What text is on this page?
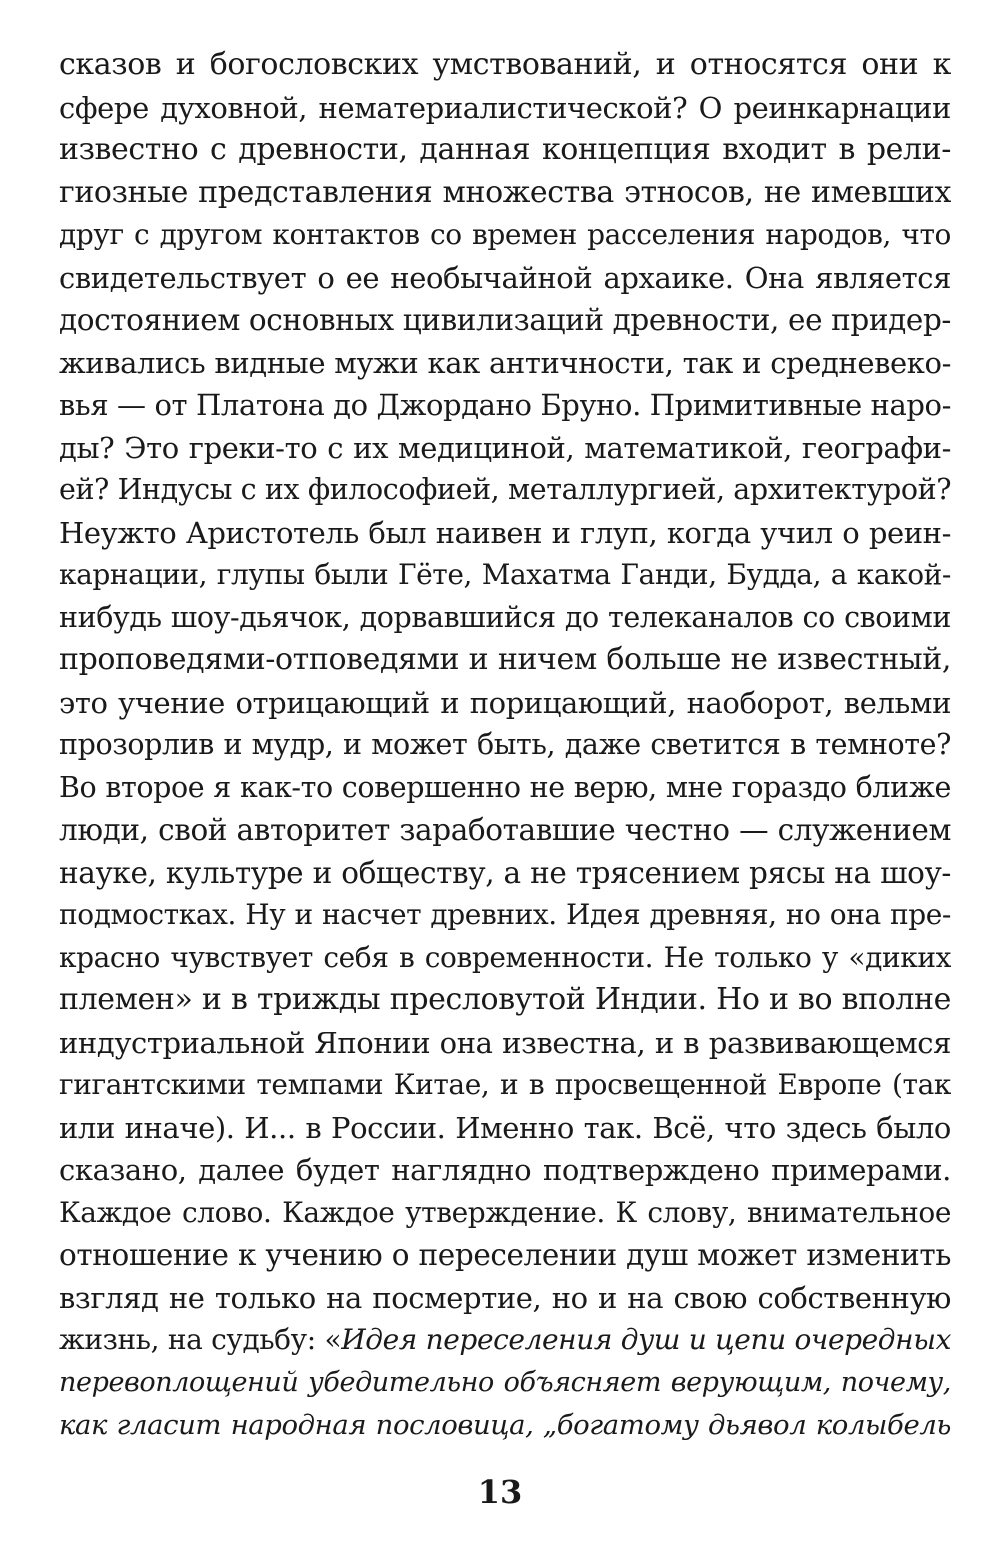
сказов и богословских умствований, и относятся они к
сфере духовной, нематериалистической? О реинкарнации
известно с древности, данная концепция входит в рели-
гиозные представления множества этносов, не имевших
друг с другом контактов со времен расселения народов, что
свидетельствует о ее необычайной архаике. Она является
достоянием основных цивилизаций древности, ее придер-
живались видные мужи как античности, так и средневеко-
вья — от Платона до Джордано Бруно. Примитивные наро-
ды? Это греки-то с их медициной, математикой, географи-
ей? Индусы с их философией, металлургией, архитектурой?
Неужто Аристотель был наивен и глуп, когда учил о реин-
карнации, глупы были Гёте, Махатма Ганди, Будда, а какой-
нибудь шоу-дьячок, дорвавшийся до телеканалов со своими
проповедями-отповедями и ничем больше не известный,
это учение отрицающий и порицающий, наоборот, вельми
прозорлив и мудр, и может быть, даже светится в темноте?
Во второе я как-то совершенно не верю, мне гораздо ближе
люди, свой авторитет заработавшие честно — служением
науке, культуре и обществу, а не трясением рясы на шоу-
подмостках. Ну и насчет древних. Идея древняя, но она пре-
красно чувствует себя в современности. Не только у «диких
племен» и в трижды пресловутой Индии. Но и во вполне
индустриальной Японии она известна, и в развивающемся
гигантскими темпами Китае, и в просвещенной Европе (так
или иначе). И... в России. Именно так. Всё, что здесь было
сказано, далее будет наглядно подтверждено примерами.
Каждое слово. Каждое утверждение. К слову, внимательное
отношение к учению о переселении душ может изменить
взгляд не только на посмертие, но и на свою собственную
жизнь, на судьбу: «Идея переселения душ и цепи очередных
перевоплощений убедительно объясняет верующим, почему,
как гласит народная пословица, „богатому дьявол колыбель
13
